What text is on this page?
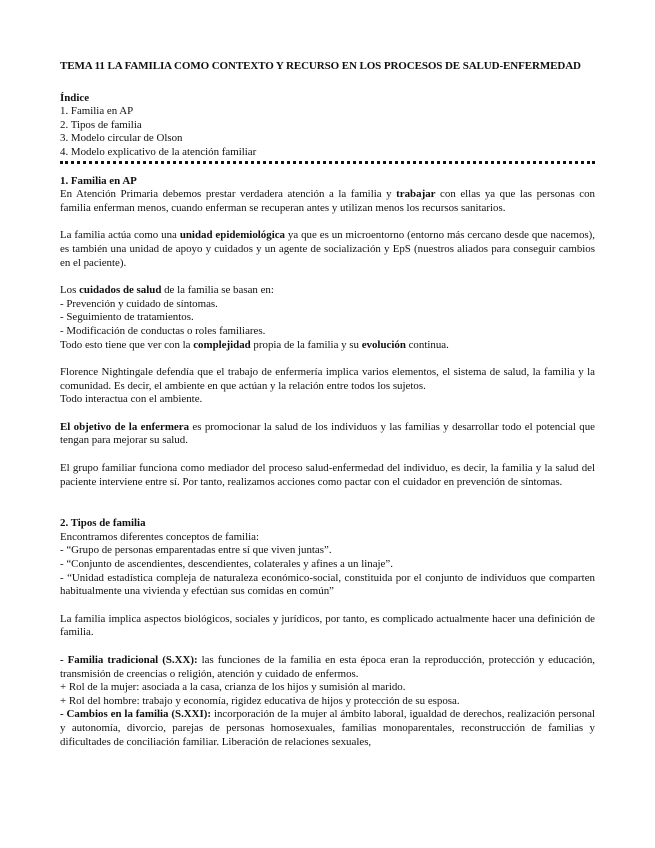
TEMA 11 LA FAMILIA COMO CONTEXTO Y RECURSO EN LOS PROCESOS DE SALUD-ENFERMEDAD
Índice
1. Familia en AP
2. Tipos de familia
3. Modelo circular de Olson
4. Modelo explicativo de la atención familiar
1. Familia en AP

En Atención Primaria debemos prestar verdadera atención a la familia y trabajar con ellas ya que las personas con familia enferman menos, cuando enferman se recuperan antes y utilizan menos los recursos sanitarios.

La familia actúa como una unidad epidemiológica ya que es un microentorno (entorno más cercano desde que nacemos), es también una unidad de apoyo y cuidados y un agente de socialización y EpS (nuestros aliados para conseguir cambios en el paciente).

Los cuidados de salud de la familia se basan en:

- Prevención y cuidado de síntomas.

- Seguimiento de tratamientos.

- Modificación de conductas o roles familiares.

Todo esto tiene que ver con la complejidad propia de la familia y su evolución continua.

Florence Nightingale defendía que el trabajo de enfermería implica varios elementos, el sistema de salud, la familia y la comunidad. Es decir, el ambiente en que actúan y la relación entre todos los sujetos.

Todo interactua con el ambiente.

El objetivo de la enfermera es promocionar la salud de los individuos y las familias y desarrollar todo el potencial que tengan para mejorar su salud.

El grupo familiar funciona como mediador del proceso salud-enfermedad del individuo, es decir, la familia y la salud del paciente interviene entre sí. Por tanto, realizamos acciones como pactar con el cuidador en prevención de síntomas.

2. Tipos de familia

Encontramos diferentes conceptos de familia:

- “Grupo de personas emparentadas entre sí que viven juntas”.

- “Conjunto de ascendientes, descendientes, colaterales y afines a un linaje”.

- “Unidad estadística compleja de naturaleza económico-social, constituida por el conjunto de individuos que comparten habitualmente una vivienda y efectúan sus comidas en común”

La familia implica aspectos biológicos, sociales y jurídicos, por tanto, es complicado actualmente hacer una definición de familia.

- Familia tradicional (S.XX): las funciones de la familia en esta época eran la reproducción, protección y educación, transmisión de creencias o religión, atención y cuidado de enfermos.

+ Rol de la mujer: asociada a la casa, crianza de los hijos y sumisión al marido.

+ Rol del hombre: trabajo y economía, rigidez educativa de hijos y protección de su esposa.

- Cambios en la familia (S.XXI): incorporación de la mujer al ámbito laboral, igualdad de derechos, realización personal y autonomía, divorcio, parejas de personas homosexuales, familias monoparentales, reconstrucción de familias y dificultades de conciliación familiar. Liberación de relaciones sexuales,
